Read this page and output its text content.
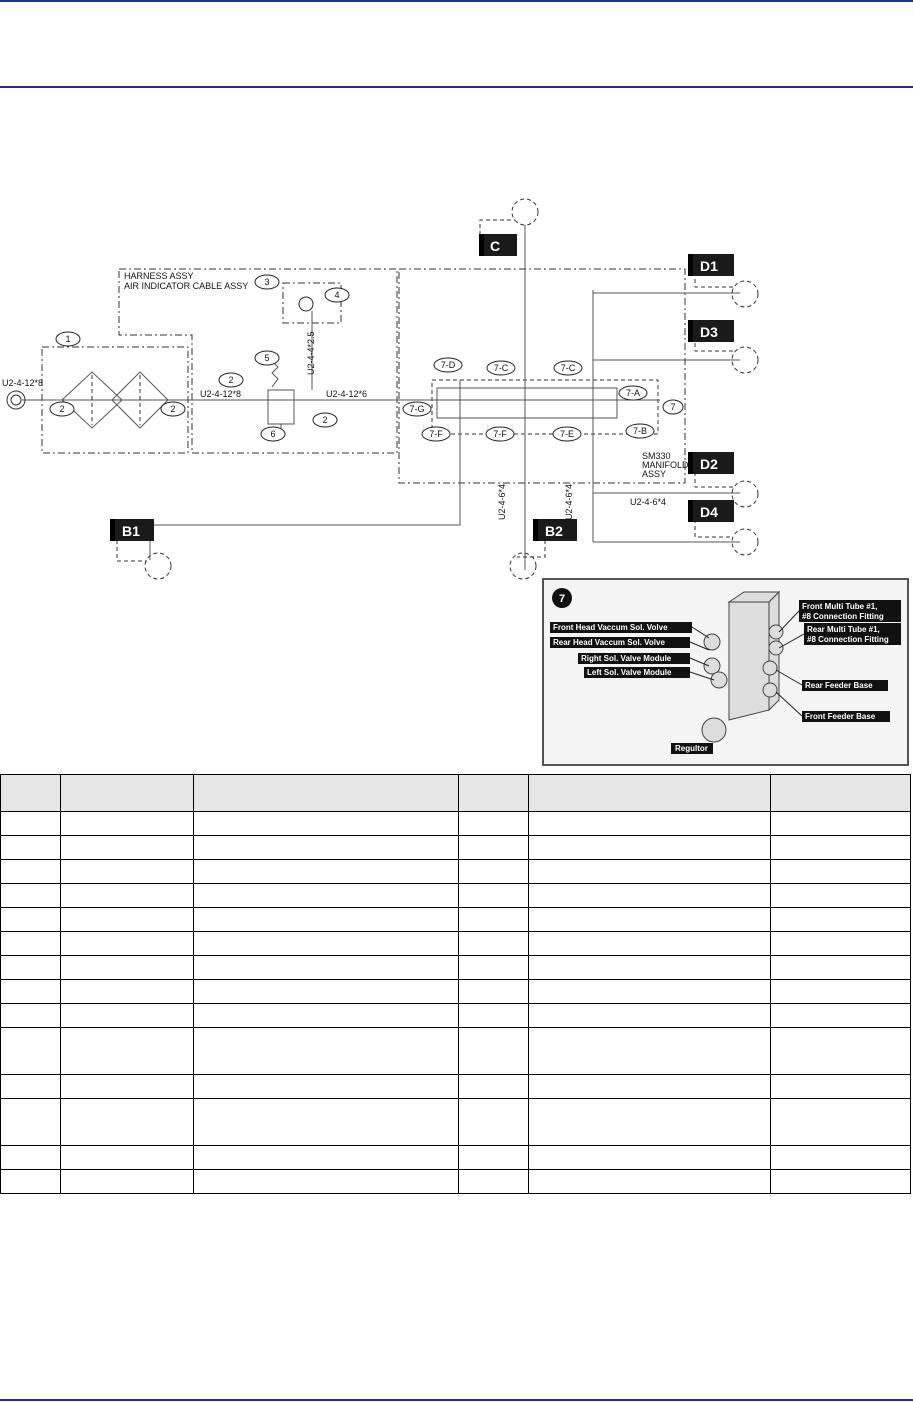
C
D1
D3
D2
D4
B1	B2
HARNESS ASSY
AIR INDICATOR CABLE ASSY
SM330
MANIFOLD
ASSY
U2-4-12*8
U2-4-12*8	U2-4-12*6
U2-4-6*4
U2-4-4*2.5
U2-4-6*4	U2-4-6*4
1
2	2
2
2
3
4
5
6
7
7-A
7-B
7-C	7-C
7-D
7-E
7-F	7-F
7-G
7
Front Head Vaccum Sol. Volve
Rear Head Vaccum Sol. Volve
Right Sol. Valve Module
Left Sol. Valve Module
Front Multi Tube #1,
#8 Connection Fitting
Rear Multi Tube #1,
#8 Connection Fitting
Rear Feeder Base
Front Feeder Base
Regultor
